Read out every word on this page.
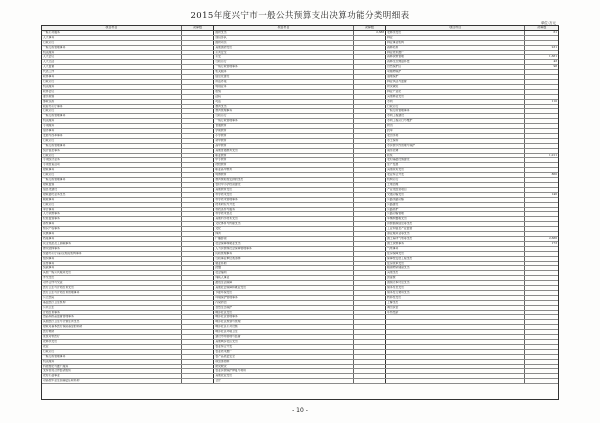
2015年度兴宁市一般公共预算支出决算功能分类明细表
单位:万元
项目科目	决算数	项目科目	决算数	项目科目	决算数
一般公共服务		国防支出	2,388	农林水支出	61
人大事务		现役部队		林业	
行政运行		国防动员		林业事业机构	
一般行政管理事务		其他国防支出		森林培育	231
机关服务		公共安全		林业技术推广	
人大会议		公安		森林资源管理	1,381
人大立法		行政运行		森林生态效益补偿	43
人大监督		一般行政管理事务		自然保护区	98
代表工作		机关服务		动植物保护	
政协事务		信息化建设		湿地保护	
行政运行		执法办案		林业执法与监督	
机关服务		特别业务		防灾减灾	
政协会议		检察		林业产业化	
委员视察		法院		其他林业支出	
参政议政		司法		水利	110
政府办公厅事务		教育支出		行政运行	
行政运行		教育管理事务		一般行政管理事务	
一般行政管理事务		行政运行		水利工程建设	
机关服务		一般行政管理事务		水利工程运行与维护	
专项服务		普通教育		防汛	
信访事务		学前教育		抗旱	
发展与改革事务		小学教育		农田水利	
行政运行		初中教育		水土保持	
一般行政管理事务		高中教育		水资源节约管理与保护	
统计信息事务		其他普通教育支出		南水北调	
行政运行		职业教育		扶贫	1,011
专项统计业务		中专教育		农村基础设施建设	
专项普查活动		技校教育		生产发展	
财政事务		职业高中教育		其他扶贫支出	
行政运行		特殊教育		农业综合开发	860
一般行政管理事务		教育费附加安排的支出		机构运行	
财政监察		农村中小学校舍建设		土地治理	
信息化建设		其他教育支出		产业化经营项目	
财政委托业务支出		科学技术支出		交通运输支出	146
税收事务		科学技术管理事务		公路水路运输	
行政运行		技术研究与开发		公路建设	
审计事务		科技条件与服务		公路养护	
人力资源事务		科学技术普及		公路运输管理	
纪检监察事务		其他科学技术支出		车辆购置税支出	
商贸事务		文化体育与传媒支出		资源勘探信息等支出	
知识产权事务		文化		工业和信息产业监管	
民族事务		体育		商业服务业等支出	
档案事务		广播影视		国土海洋气象等支出	2,386
民主党派及工商联事务		社会保障和就业支出		国土资源事务	173
群众团体事务		人力资源和社会保障管理事务		气象事务	
党委办公厅(室)及相关机构事务		民政管理事务		住房保障支出	
组织事务		行政事业单位离退休		保障性安居工程支出	
宣传事务		就业补助		住房改革支出	
统战事务		抚恤		粮油物资储备支出	
其他一般公共服务支出		社会福利		其他支出	
外交支出		残疾人事业		预备费	
对外合作与交流		最低生活保障		国债还本付息支出	
医疗卫生与计划生育支出		其他社会保障和就业支出		债务付息支出	
医疗卫生与计划生育管理事务		节能环保支出		债务发行费用支出	
公立医院		环境保护管理事务		转移性支出	
基层医疗卫生机构		污染防治		上解支出	
公共卫生		自然生态保护		调出资金	
计划生育事务		城乡社区支出		年终结余	
食品和药品监督管理事务		城乡社区管理事务			
其他医疗卫生与计划生育支出		城乡社区规划与管理			
财政对基本医疗保险基金的补助		城乡社区公共设施			
医疗救助		城乡社区环境卫生			
优抚对象医疗		建设市场管理与监督			
农林水支出		其他城乡社区支出			
农业		农业综合开发			
行政运行		农业技术推广			
一般行政管理事务		农产品质量安全			
机关服务		病虫害控制			
科技转化与推广服务		防灾救灾			
支持农村合作经济组织		农业资源保护修复与利用			
农村公益事业		其他农业支出			
对高校毕业生到基层任职补助		合计			
- 10 -
